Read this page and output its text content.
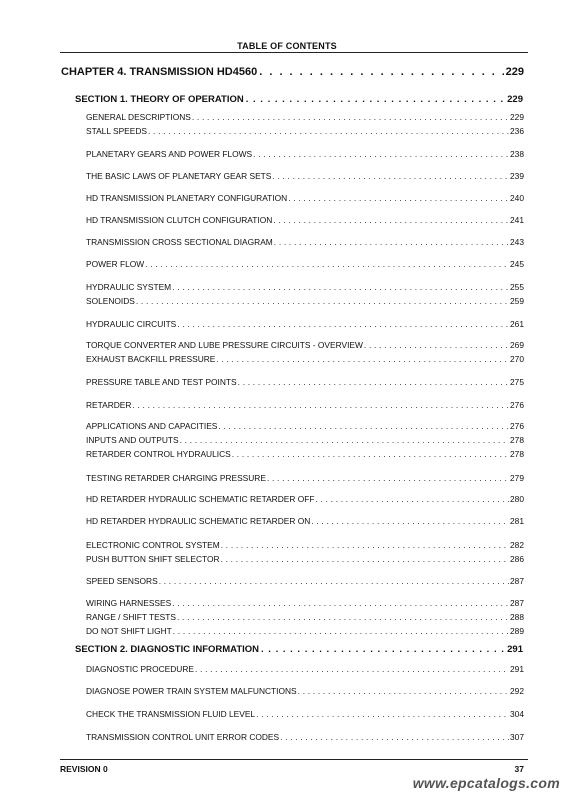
TABLE OF CONTENTS
CHAPTER 4. TRANSMISSION HD4560 . . .	229
SECTION 1. THEORY OF OPERATION . . .	229
GENERAL DESCRIPTIONS . . .	229
STALL SPEEDS . . .	236
PLANETARY GEARS AND POWER FLOWS . . .	238
THE BASIC LAWS OF PLANETARY GEAR SETS . . .	239
HD TRANSMISSION PLANETARY CONFIGURATION . . .	240
HD TRANSMISSION CLUTCH CONFIGURATION . . .	241
TRANSMISSION CROSS SECTIONAL DIAGRAM . . .	243
POWER FLOW . . .	245
HYDRAULIC SYSTEM . . .	255
SOLENOIDS . . .	259
HYDRAULIC CIRCUITS . . .	261
TORQUE CONVERTER AND LUBE PRESSURE CIRCUITS - OVERVIEW . . .	269
EXHAUST BACKFILL PRESSURE . . .	270
PRESSURE TABLE AND TEST POINTS . . .	275
RETARDER . . .	276
APPLICATIONS AND CAPACITIES . . .	276
INPUTS AND OUTPUTS . . .	278
RETARDER CONTROL HYDRAULICS . . .	278
TESTING RETARDER CHARGING PRESSURE . . .	279
HD RETARDER HYDRAULIC SCHEMATIC RETARDER OFF . . .	280
HD RETARDER HYDRAULIC SCHEMATIC RETARDER ON . . .	281
ELECTRONIC CONTROL SYSTEM . . .	282
PUSH BUTTON SHIFT SELECTOR . . .	286
SPEED SENSORS . . .	287
WIRING HARNESSES . . .	287
RANGE / SHIFT TESTS . . .	288
DO NOT SHIFT LIGHT . . .	289
SECTION 2. DIAGNOSTIC INFORMATION . . .	291
DIAGNOSTIC PROCEDURE . . .	291
DIAGNOSE POWER TRAIN SYSTEM MALFUNCTIONS . . .	292
CHECK THE TRANSMISSION FLUID LEVEL . . .	304
TRANSMISSION CONTROL UNIT ERROR CODES . . .	307
REVISION 0	37
www.epcatalogs.com
